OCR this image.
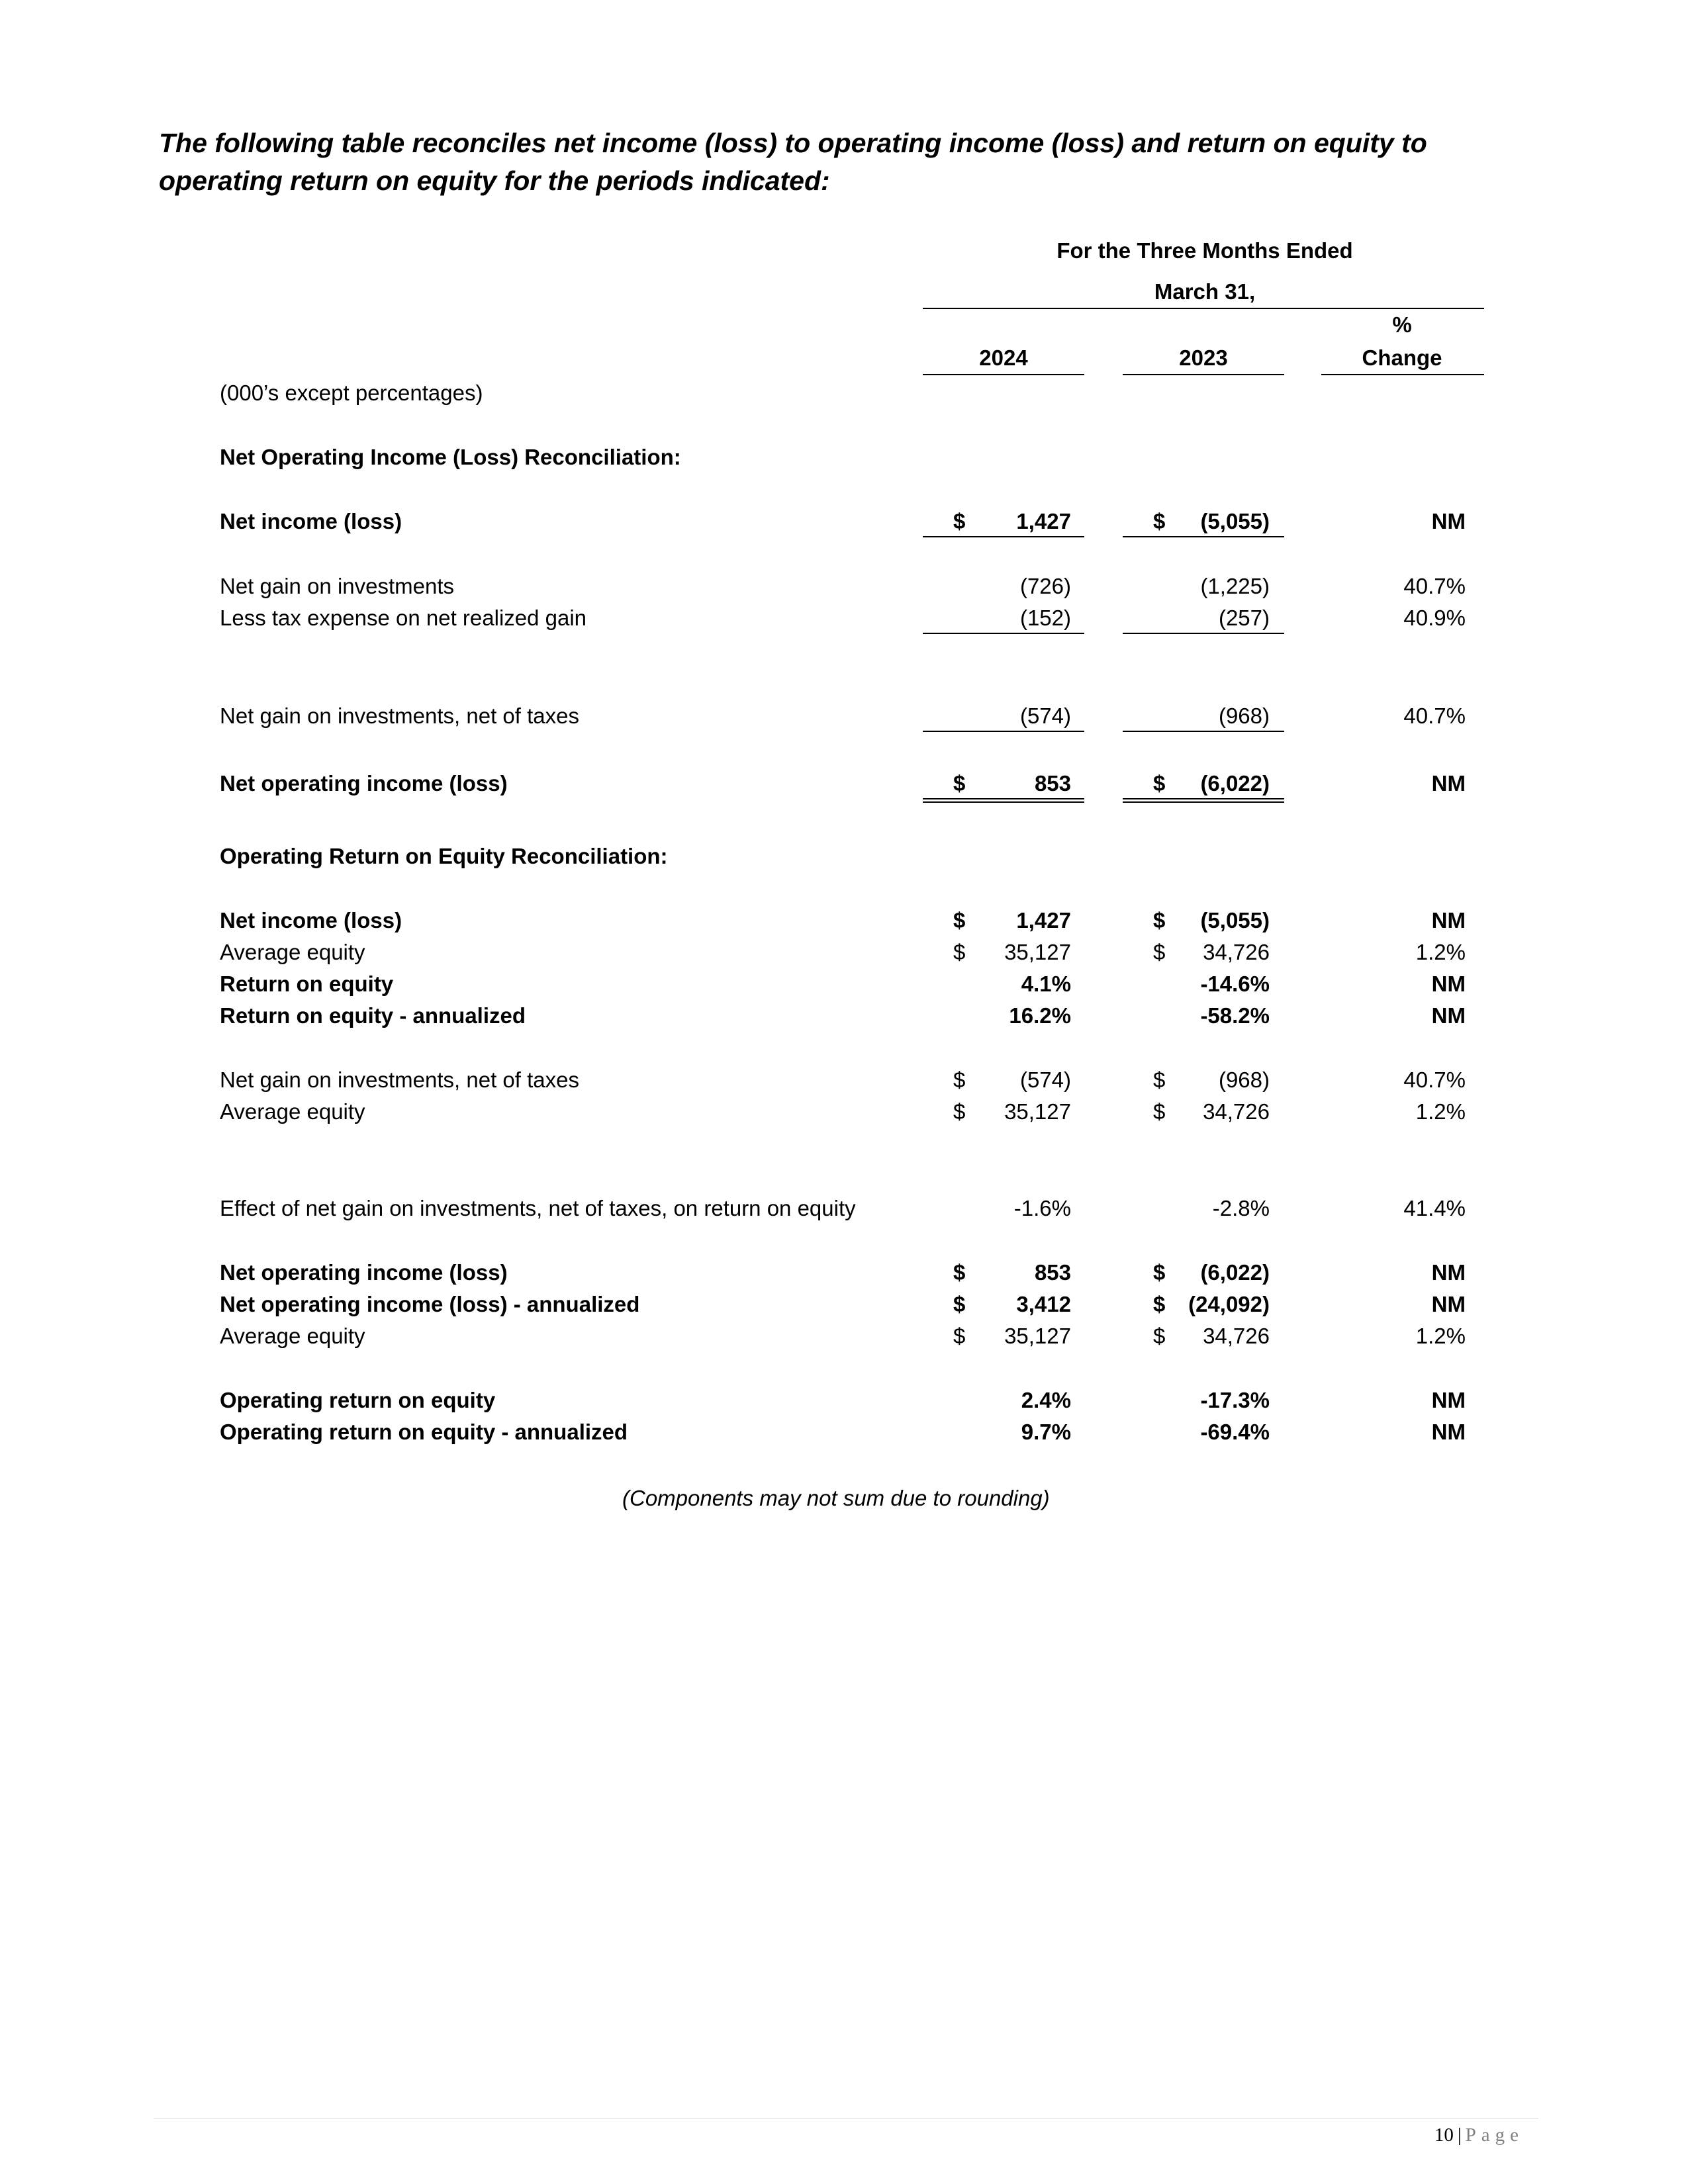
The following table reconciles net income (loss) to operating income (loss) and return on equity to operating return on equity for the periods indicated:
For the Three Months Ended
March 31,
%
2024	2023	Change
(000’s except percentages)
Net Operating Income (Loss) Reconciliation:
Net income (loss)	$	1,427	$	(5,055)	NM
Net gain on investments	(726)	(1,225)	40.7%
Less tax expense on net realized gain	(152)	(257)	40.9%
Net gain on investments, net of taxes	(574)	(968)	40.7%
Net operating income (loss)	$	853	$	(6,022)	NM
Operating Return on Equity Reconciliation:
Net income (loss)	$	1,427	$	(5,055)	NM
Average equity	$	35,127	$	34,726	1.2%
Return on equity	4.1%	-14.6%	NM
Return on equity - annualized	16.2%	-58.2%	NM
Net gain on investments, net of taxes	$	(574)	$	(968)	40.7%
Average equity	$	35,127	$	34,726	1.2%
Effect of net gain on investments, net of taxes, on return on equity	-1.6%	-2.8%	41.4%
Net operating income (loss)	$	853	$	(6,022)	NM
Net operating income (loss) - annualized	$	3,412	$	(24,092)	NM
Average equity	$	35,127	$	34,726	1.2%
Operating return on equity	2.4%	-17.3%	NM
Operating return on equity - annualized	9.7%	-69.4%	NM
(Components may not sum due to rounding)
10 | Page
